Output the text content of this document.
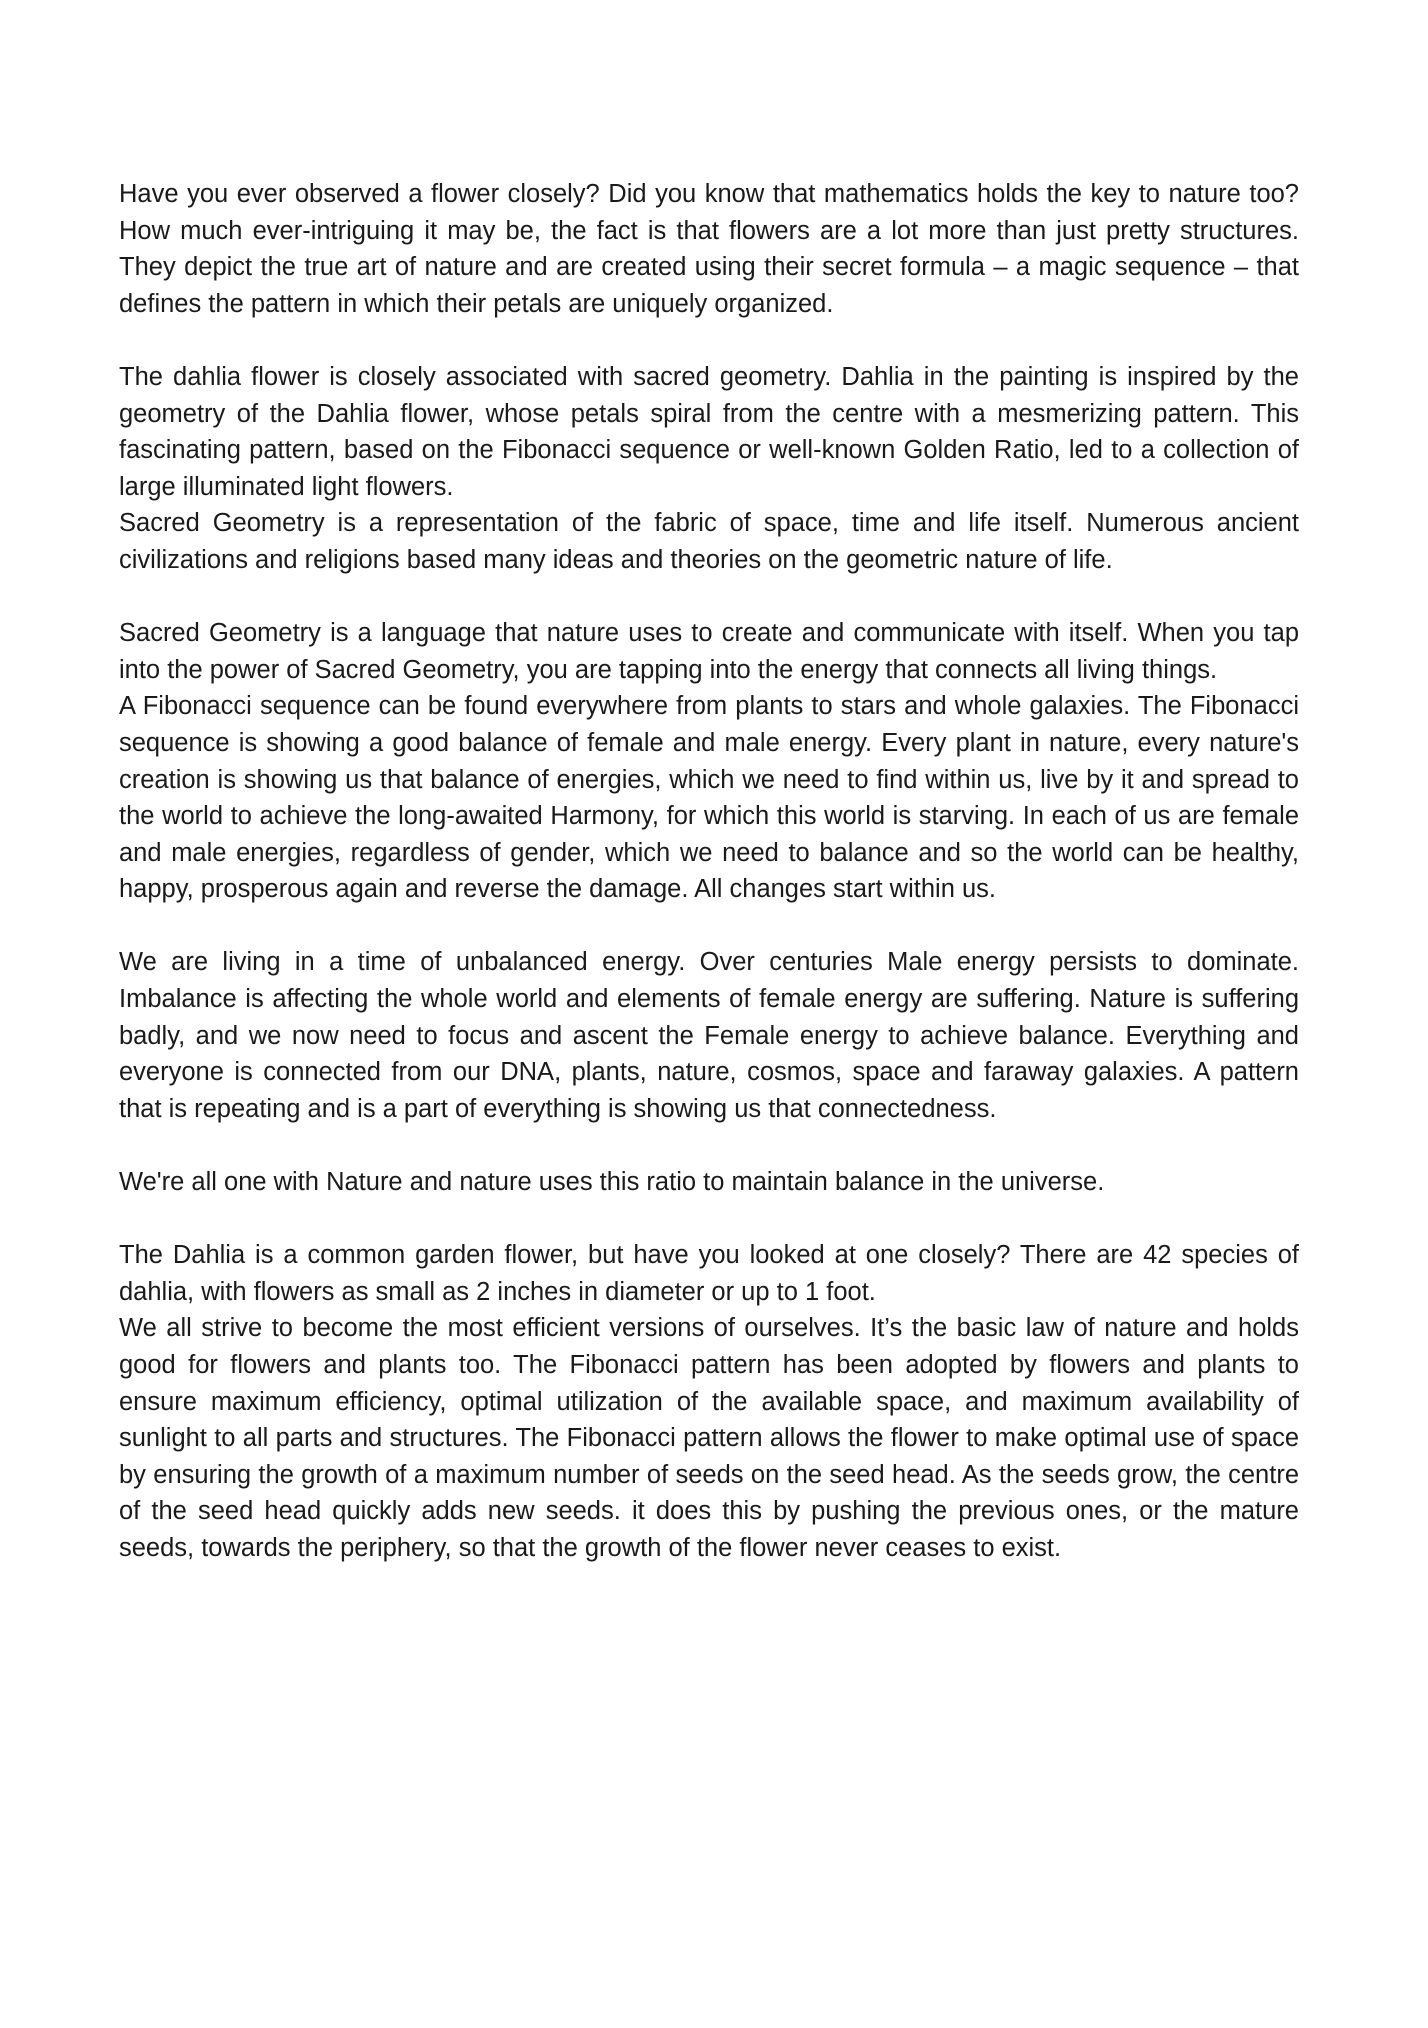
Have you ever observed a flower closely? Did you know that mathematics holds the key to nature too? How much ever-intriguing it may be, the fact is that flowers are a lot more than just pretty structures. They depict the true art of nature and are created using their secret formula – a magic sequence – that defines the pattern in which their petals are uniquely organized.

The dahlia flower is closely associated with sacred geometry. Dahlia in the painting is inspired by the geometry of the Dahlia flower, whose petals spiral from the centre with a mesmerizing pattern. This fascinating pattern, based on the Fibonacci sequence or well-known Golden Ratio, led to a collection of large illuminated light flowers.

Sacred Geometry is a representation of the fabric of space, time and life itself. Numerous ancient civilizations and religions based many ideas and theories on the geometric nature of life.

Sacred Geometry is a language that nature uses to create and communicate with itself. When you tap into the power of Sacred Geometry, you are tapping into the energy that connects all living things.

A Fibonacci sequence can be found everywhere from plants to stars and whole galaxies. The Fibonacci sequence is showing a good balance of female and male energy. Every plant in nature, every nature's creation is showing us that balance of energies, which we need to find within us, live by it and spread to the world to achieve the long-awaited Harmony, for which this world is starving. In each of us are female and male energies, regardless of gender, which we need to balance and so the world can be healthy, happy, prosperous again and reverse the damage. All changes start within us.

We are living in a time of unbalanced energy. Over centuries Male energy persists to dominate. Imbalance is affecting the whole world and elements of female energy are suffering. Nature is suffering badly, and we now need to focus and ascent the Female energy to achieve balance. Everything and everyone is connected from our DNA, plants, nature, cosmos, space and faraway galaxies. A pattern that is repeating and is a part of everything is showing us that connectedness.

We're all one with Nature and nature uses this ratio to maintain balance in the universe.

The Dahlia is a common garden flower, but have you looked at one closely? There are 42 species of dahlia, with flowers as small as 2 inches in diameter or up to 1 foot.

We all strive to become the most efficient versions of ourselves. It’s the basic law of nature and holds good for flowers and plants too. The Fibonacci pattern has been adopted by flowers and plants to ensure maximum efficiency, optimal utilization of the available space, and maximum availability of sunlight to all parts and structures. The Fibonacci pattern allows the flower to make optimal use of space by ensuring the growth of a maximum number of seeds on the seed head. As the seeds grow, the centre of the seed head quickly adds new seeds. it does this by pushing the previous ones, or the mature seeds, towards the periphery, so that the growth of the flower never ceases to exist.
